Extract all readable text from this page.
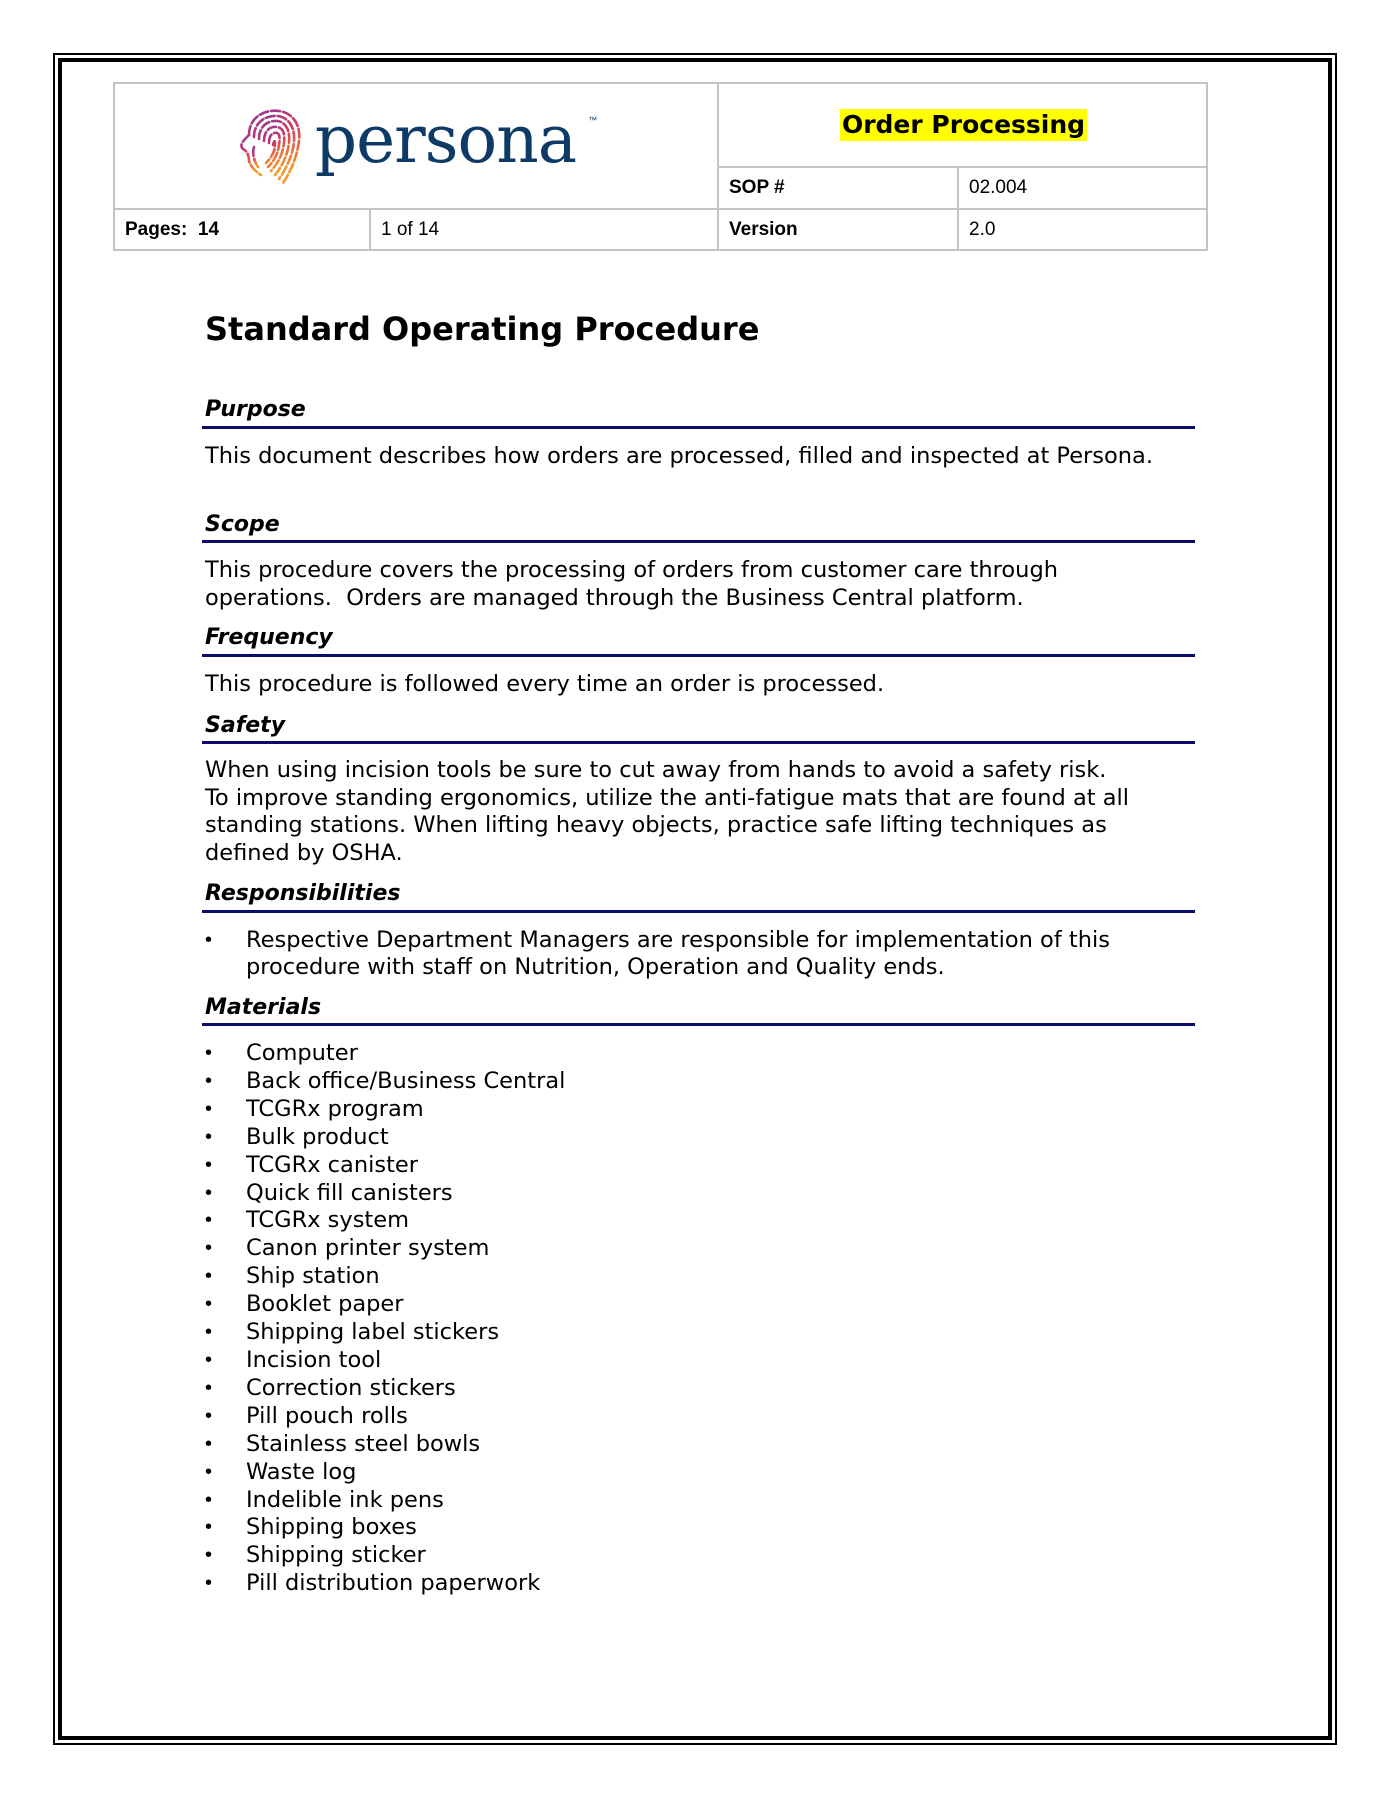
persona ™	Order Processing
SOP #	02.004
Pages:
14	1 of 14	Version	2.0
Standard Operating Procedure
Purpose
This document describes how orders are processed, filled and inspected at Persona.
Scope
This procedure covers the processing of orders from customer care through
operations.  Orders are managed through the Business Central platform.
Frequency
This procedure is followed every time an order is processed.
Safety
When using incision tools be sure to cut away from hands to avoid a safety risk.
To improve standing ergonomics, utilize the anti-fatigue mats that are found at all
standing stations. When lifting heavy objects, practice safe lifting techniques as
defined by OSHA.
Responsibilities
• Respective Department Managers are responsible for implementation of this
procedure with staff on Nutrition, Operation and Quality ends.
Materials
• Computer
• Back office/Business Central
• TCGRx program
• Bulk product
• TCGRx canister
• Quick fill canisters
• TCGRx system
• Canon printer system
• Ship station
• Booklet paper
• Shipping label stickers
• Incision tool
• Correction stickers
• Pill pouch rolls
• Stainless steel bowls
• Waste log
• Indelible ink pens
• Shipping boxes
• Shipping sticker
• Pill distribution paperwork
